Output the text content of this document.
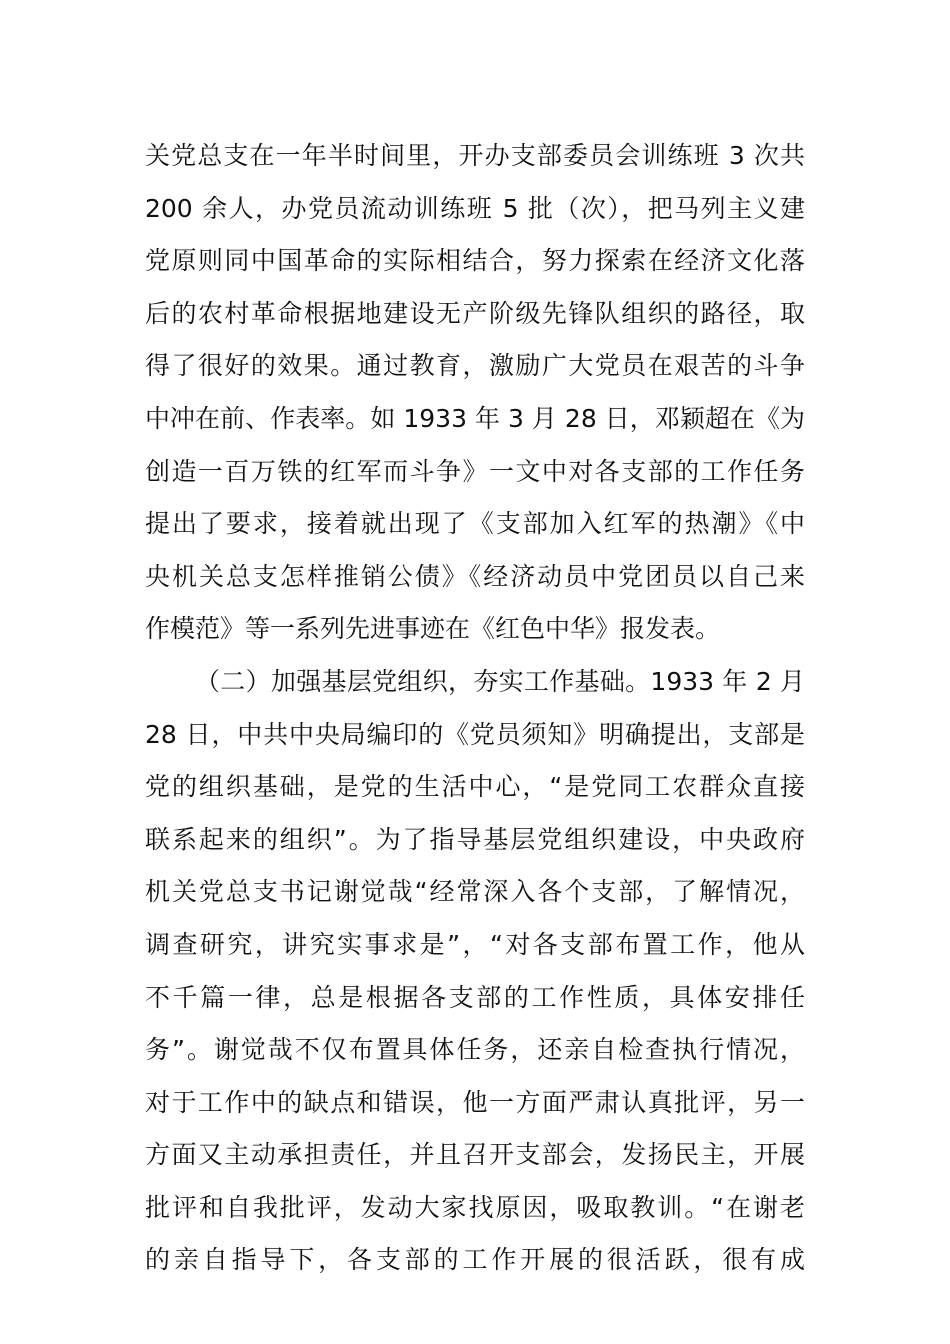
关党总支在一年半时间里，开办支部委员会训练班 3 次共
200 余人，办党员流动训练班 5 批（次），把马列主义建
党原则同中国革命的实际相结合，努力探索在经济文化落
后的农村革命根据地建设无产阶级先锋队组织的路径，取
得了很好的效果。通过教育，激励广大党员在艰苦的斗争
中冲在前、作表率。如 1933 年 3 月 28 日，邓颖超在《为
创造一百万铁的红军而斗争》一文中对各支部的工作任务
提出了要求，接着就出现了《支部加入红军的热潮》《中
央机关总支怎样推销公债》《经济动员中党团员以自己来
作模范》等一系列先进事迹在《红色中华》报发表。
（二）加强基层党组织，夯实工作基础。1933 年 2 月
28 日，中共中央局编印的《党员须知》明确提出，支部是
党的组织基础，是党的生活中心，“是党同工农群众直接
联系起来的组织”。为了指导基层党组织建设，中央政府
机关党总支书记谢觉哉“经常深入各个支部，了解情况，
调查研究，讲究实事求是”，“对各支部布置工作，他从
不千篇一律，总是根据各支部的工作性质，具体安排任
务”。谢觉哉不仅布置具体任务，还亲自检查执行情况，
对于工作中的缺点和错误，他一方面严肃认真批评，另一
方面又主动承担责任，并且召开支部会，发扬民主，开展
批评和自我批评，发动大家找原因，吸取教训。“在谢老
的亲自指导下，各支部的工作开展的很活跃，很有成
